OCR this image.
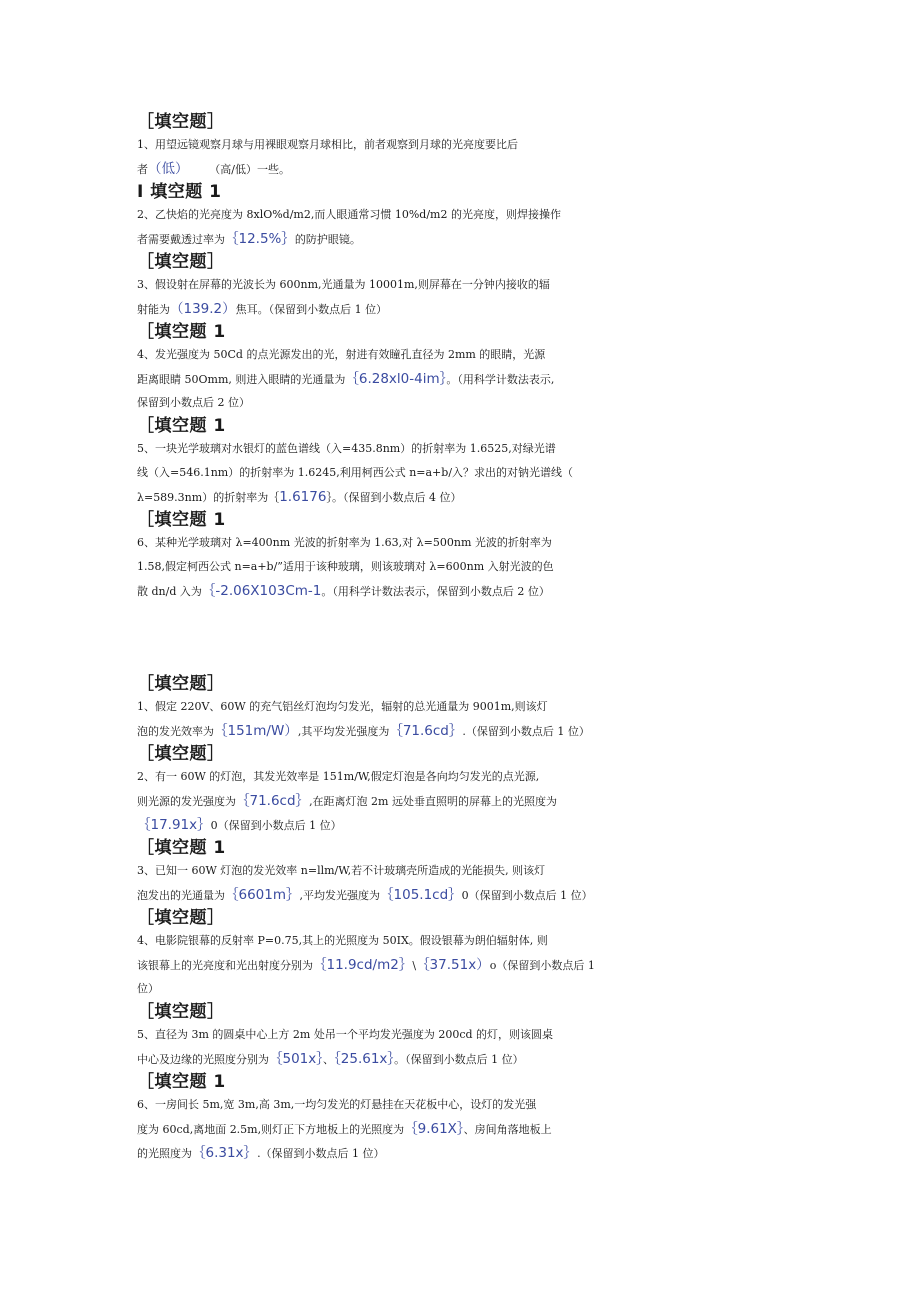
［填空题］
1、用望远镜观察月球与用裸眼观察月球相比，前者观察到月球的光亮度要比后
者（低）　　　（高/低）一些。
I 填空题 1
2、乙快焰的光亮度为 8xlO%d∕m2,而人眼通常习惯 10%d∕m2 的光亮度，则焊接操作
者需要戴透过率为｛12.5%｝的防护眼镜。
［填空题］
3、假设射在屏幕的光波长为 600nm,光通量为 10001m,则屏幕在一分钟内接收的辐
射能为（139.2）焦耳。（保留到小数点后 1 位）
［填空题 1
4、发光强度为 50Cd 的点光源发出的光，射进有效瞳孔直径为 2mm 的眼睛，光源
距离眼睛 50Omm, 则进入眼睛的光通量为｛6.28xl0-4im｝。（用科学计数法表示,
保留到小数点后 2 位）
［填空题 1
5、一块光学玻璃对水银灯的蓝色谱线（入=435.8nm）的折射率为 1.6525,对绿光谱
线（入=546.1nm）的折射率为 1.6245,利用柯西公式 n=a+b∕入？求出的对钠光谱线（
λ=589.3nm）的折射率为｛1.6176｝。（保留到小数点后 4 位）
［填空题 1
6、某种光学玻璃对 λ=400nm 光波的折射率为 1.63,对 λ=500nm 光波的折射率为
1.58,假定柯西公式 n=a+b∕”适用于该种玻璃，则该玻璃对 λ=600nm 入射光波的色
散 dn/d 入为｛-2.06X103Cm-1。（用科学计数法表示，保留到小数点后 2 位）
［填空题］
1、假定 220V、60W 的充气铝丝灯泡均匀发光，辐射的总光通量为 9001m,则该灯
泡的发光效率为｛151m∕W）,其平均发光强度为｛71.6cd｝.（保留到小数点后 1 位）
［填空题］
2、有一 60W 的灯泡，其发光效率是 151m∕W,假定灯泡是各向均匀发光的点光源,
则光源的发光强度为｛71.6cd｝,在距离灯泡 2m 远处垂直照明的屏幕上的光照度为
｛17.91x｝0（保留到小数点后 1 位）
［填空题 1
3、已知一 60W 灯泡的发光效率 n=llm∕W,若不计玻璃壳所造成的光能损失, 则该灯
泡发出的光通量为｛6601m｝,平均发光强度为｛105.1cd｝0（保留到小数点后 1 位）
［填空题］
4、电影院银幕的反射率 P=0.75,其上的光照度为 50IX。假设银幕为朗伯辐射体, 则
该银幕上的光亮度和光出射度分别为｛11.9cd∕m2｝\｛37.51x）o（保留到小数点后 1
位）
［填空题］
5、直径为 3m 的圆桌中心上方 2m 处吊一个平均发光强度为 200cd 的灯，则该圆桌
中心及边缘的光照度分别为｛501x｝、｛25.61x｝。（保留到小数点后 1 位）
［填空题 1
6、一房间长 5m,宽 3m,高 3m,一均匀发光的灯悬挂在天花板中心，设灯的发光强
度为 60cd,离地面 2.5m,则灯正下方地板上的光照度为｛9.61X｝、房间角落地板上
的光照度为｛6.31x｝.（保留到小数点后 1 位）
